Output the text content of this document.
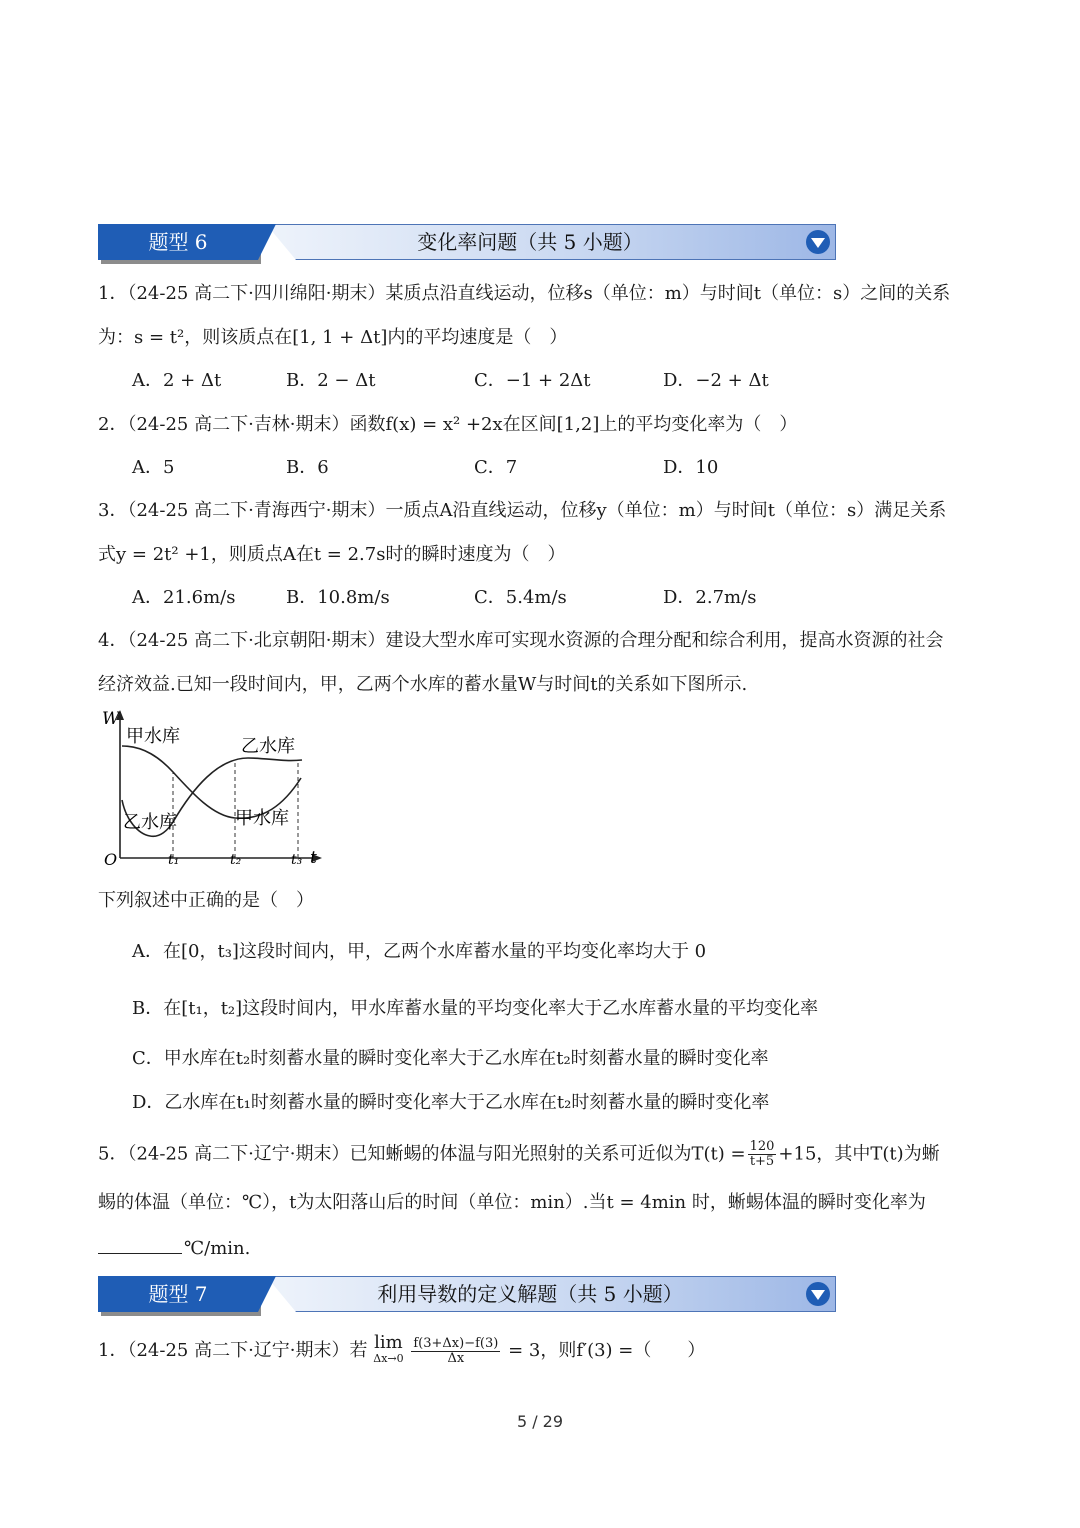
题型 6	变化率问题（共 5 小题）
1．（24-25 高二下·四川绵阳·期末）某质点沿直线运动，位移s（单位：m）与时间t（单位：s）之间的关系
为：s = t²，则该质点在[1, 1 + Δt]内的平均速度是（　）
A．2 + Δt	B．2 − Δt	C．−1 + 2Δt	D．−2 + Δt
2．（24-25 高二下·吉林·期末）函数f(x) = x² +2x在区间[1,2]上的平均变化率为（　）
A．5	B．6	C．7	D．10
3．（24-25 高二下·青海西宁·期末）一质点A沿直线运动，位移y（单位：m）与时间t（单位：s）满足关系
式y = 2t² +1，则质点A在t = 2.7s时的瞬时速度为（　）
A．21.6m/s	B．10.8m/s	C．5.4m/s	D．2.7m/s
4．（24-25 高二下·北京朝阳·期末）建设大型水库可实现水资源的合理分配和综合利用，提高水资源的社会
经济效益.已知一段时间内，甲，乙两个水库的蓄水量W与时间t的关系如下图所示.
W
t
O
甲水库	乙水库
乙水库	甲水库
t₁	t₂	t₃
下列叙述中正确的是（　）
A．在[0，t₃]这段时间内，甲，乙两个水库蓄水量的平均变化率均大于 0
B．在[t₁，t₂]这段时间内，甲水库蓄水量的平均变化率大于乙水库蓄水量的平均变化率
C．甲水库在t₂时刻蓄水量的瞬时变化率大于乙水库在t₂时刻蓄水量的瞬时变化率
D．乙水库在t₁时刻蓄水量的瞬时变化率大于乙水库在t₂时刻蓄水量的瞬时变化率
5．（24-25 高二下·辽宁·期末）已知蜥蜴的体温与阳光照射的关系可近似为$T(t) = \frac{120}{t+5} +15$，其中T(t)为蜥
蜴的体温（单位：℃），t为太阳落山后的时间（单位：min）.当t = 4min 时，蜥蜴体温的瞬时变化率为
℃/min.
题型 7	利用导数的定义解题（共 5 小题）
1．（24-25 高二下·辽宁·期末）若 lim
Δx→0
$\frac{f(3+\Delta x)-f(3)}{\Delta x} = 3$，则f′(3) =（　　）
5 / 29
